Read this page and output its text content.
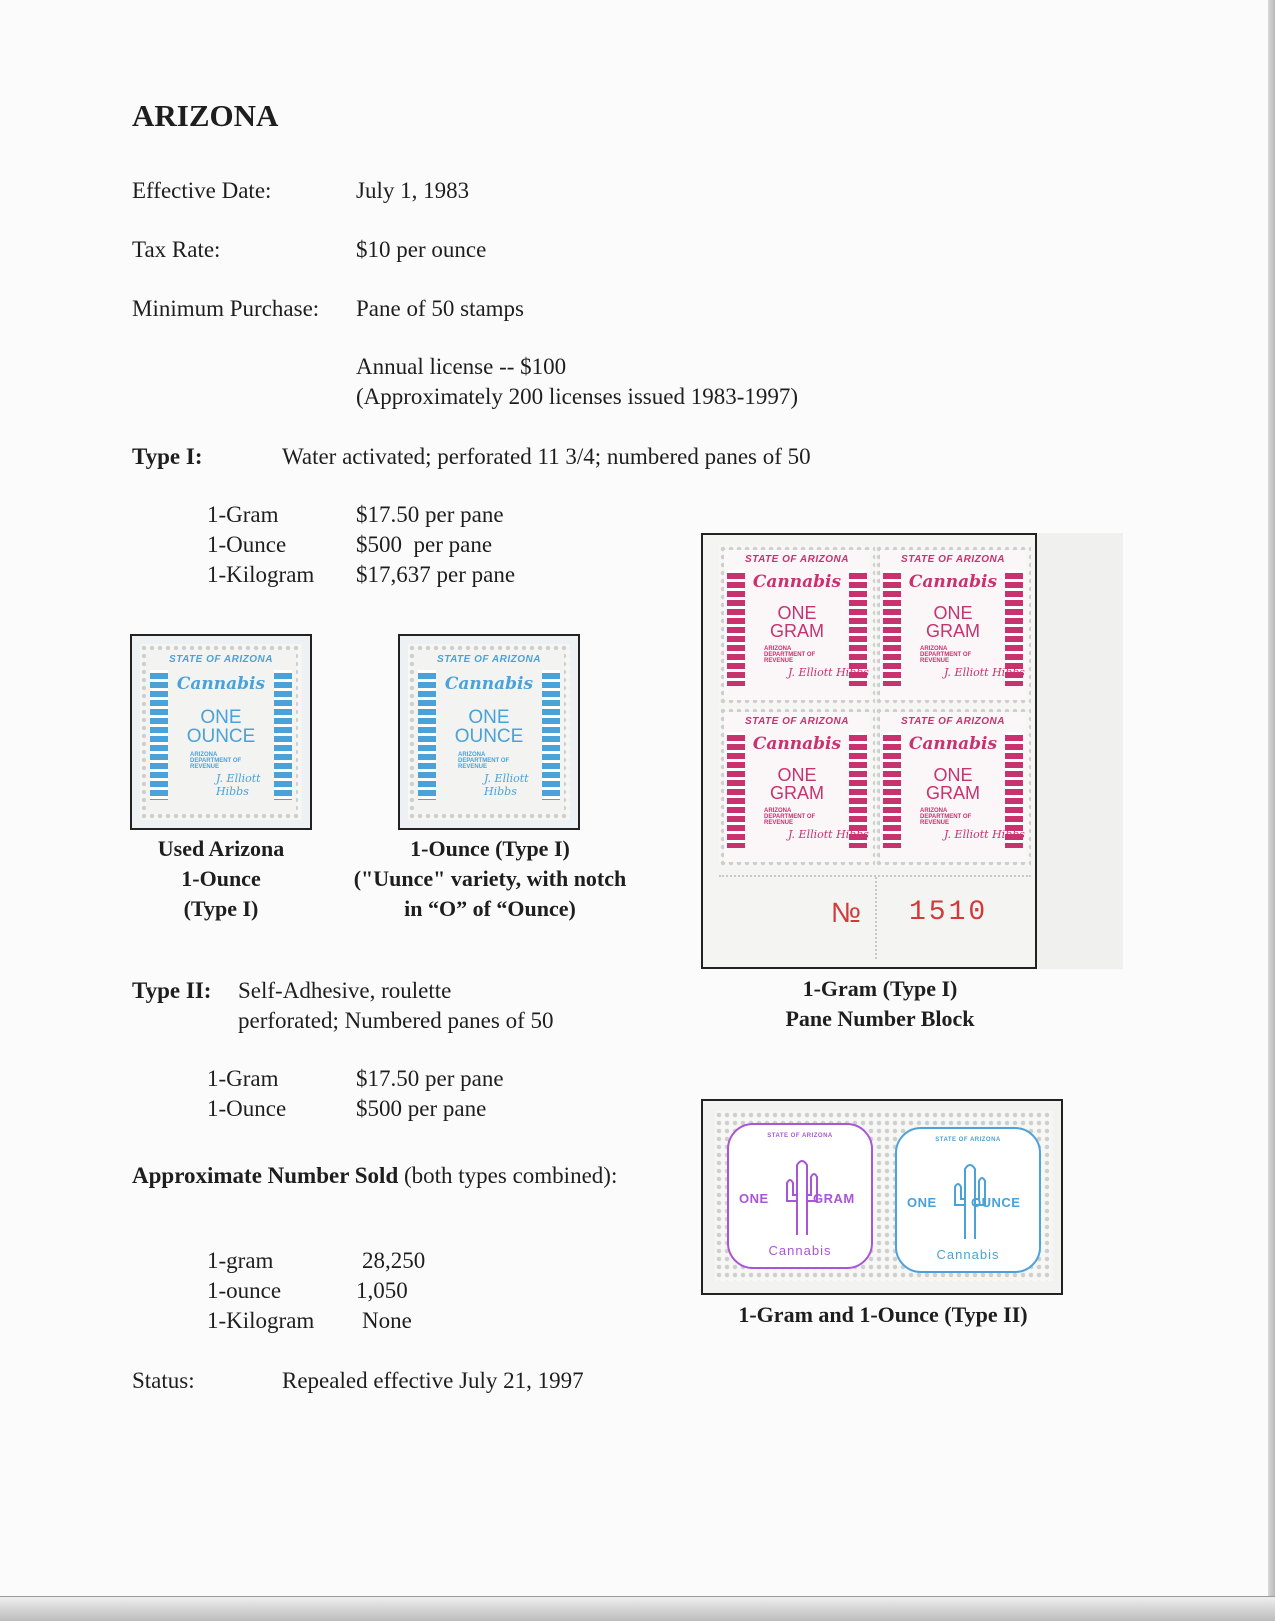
ARIZONA
Effective Date:	July 1, 1983
Tax Rate:	$10 per ounce
Minimum Purchase: Pane of 50 stamps
Annual license -- $100
(Approximately 200 licenses issued 1983-1997)
Type I:	Water activated; perforated 11 3/4; numbered panes of 50
1-Gram	$17.50 per pane
1-Ounce	$500  per pane
1-Kilogram $17,637 per pane
STATE OF ARIZONA
Cannabis
ONE
OUNCE
ARIZONA
DEPARTMENT OF
REVENUE
J. Elliott Hibbs
Used Arizona
1-Ounce
(Type I)
STATE OF ARIZONA
Cannabis
ONE
OUNCE
ARIZONA
DEPARTMENT OF
REVENUE
J. Elliott Hibbs
1-Ounce (Type I)
("Uunce" variety, with notch
in “O” of “Ounce)
STATE OF ARIZONA
Cannabis
ONE
GRAM
ARIZONA
DEPARTMENT OF
REVENUE
J. Elliott Hibbs
STATE OF ARIZONA
Cannabis
ONE
GRAM
ARIZONA
DEPARTMENT OF
REVENUE
J. Elliott Hibbs
STATE OF ARIZONA
Cannabis
ONE
GRAM
ARIZONA
DEPARTMENT OF
REVENUE
J. Elliott Hibbs
STATE OF ARIZONA
Cannabis
ONE
GRAM
ARIZONA
DEPARTMENT OF
REVENUE
J. Elliott Hibbs
№ 1510
1-Gram (Type I)
Pane Number Block
Type II: Self-Adhesive, roulette
perforated; Numbered panes of 50
1-Gram	$17.50 per pane
1-Ounce	$500 per pane
STATE OF ARIZONA
ONE	GRAM
Cannabis
STATE OF ARIZONA
ONE	OUNCE
Cannabis
1-Gram and 1-Ounce (Type II)
Approximate Number Sold (both types combined):
1-gram	28,250
1-ounce	1,050
1-Kilogram None
Status:	Repealed effective July 21, 1997
